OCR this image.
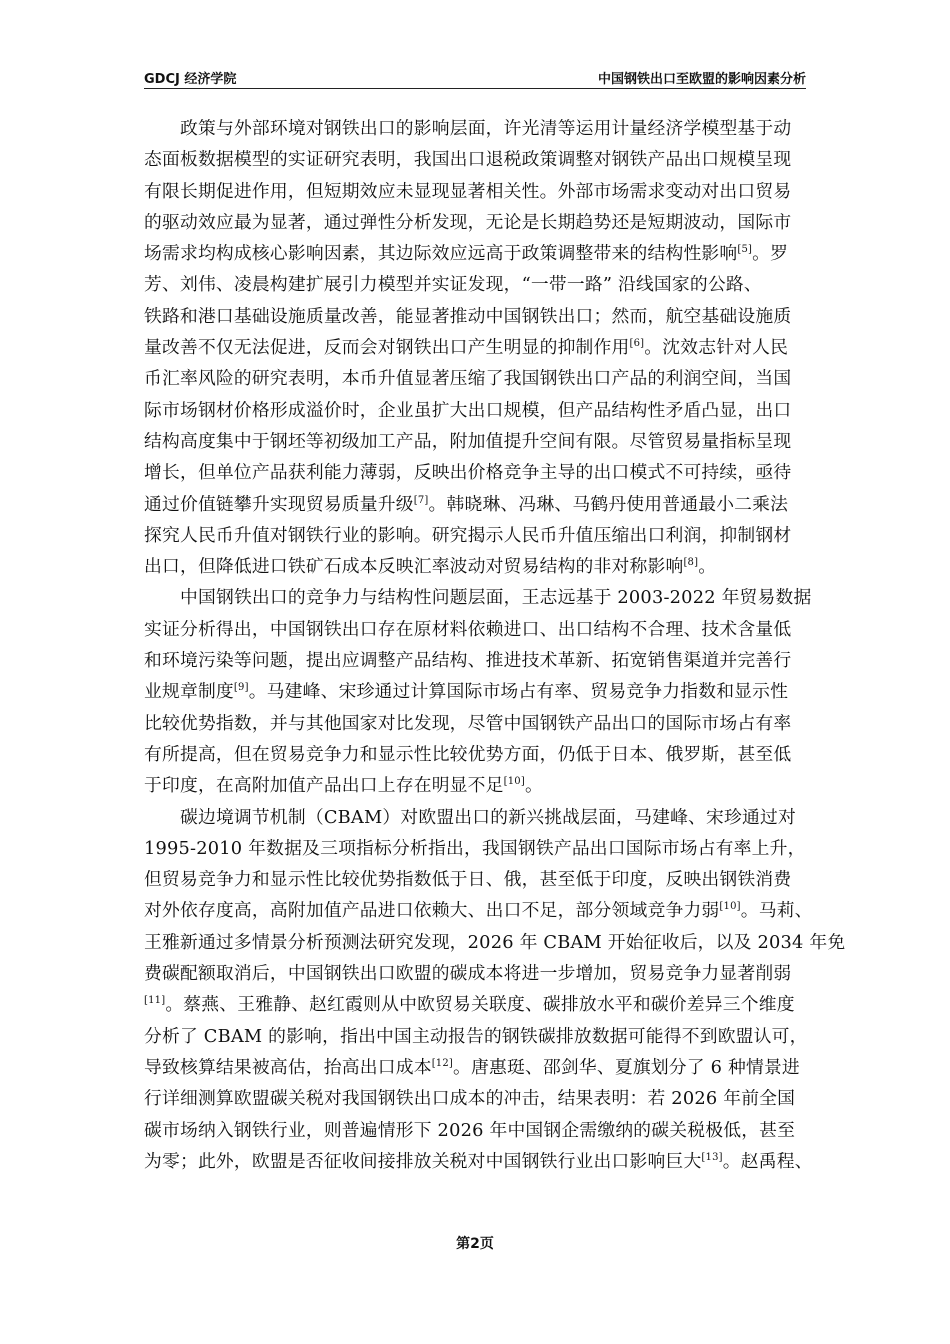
GDCJ 经济学院	中国钢铁出口至欧盟的影响因素分析
政策与外部环境对钢铁出口的影响层面，许光清等运用计量经济学模型基于动
态面板数据模型的实证研究表明，我国出口退税政策调整对钢铁产品出口规模呈现
有限长期促进作用，但短期效应未显现显著相关性。外部市场需求变动对出口贸易
的驱动效应最为显著，通过弹性分析发现，无论是长期趋势还是短期波动，国际市
场需求均构成核心影响因素，其边际效应远高于政策调整带来的结构性影响[5]。罗
芳、刘伟、凌晨构建扩展引力模型并实证发现，“一带一路” 沿线国家的公路、
铁路和港口基础设施质量改善，能显著推动中国钢铁出口；然而，航空基础设施质
量改善不仅无法促进，反而会对钢铁出口产生明显的抑制作用[6]。沈效志针对人民
币汇率风险的研究表明，本币升值显著压缩了我国钢铁出口产品的利润空间，当国
际市场钢材价格形成溢价时，企业虽扩大出口规模，但产品结构性矛盾凸显，出口
结构高度集中于钢坯等初级加工产品，附加值提升空间有限。尽管贸易量指标呈现
增长，但单位产品获利能力薄弱，反映出价格竞争主导的出口模式不可持续，亟待
通过价值链攀升实现贸易质量升级[7]。韩晓琳、冯琳、马鹤丹使用普通最小二乘法
探究人民币升值对钢铁行业的影响。研究揭示人民币升值压缩出口利润，抑制钢材
出口，但降低进口铁矿石成本反映汇率波动对贸易结构的非对称影响[8]。
中国钢铁出口的竞争力与结构性问题层面，王志远基于 2003-2022 年贸易数据
实证分析得出，中国钢铁出口存在原材料依赖进口、出口结构不合理、技术含量低
和环境污染等问题，提出应调整产品结构、推进技术革新、拓宽销售渠道并完善行
业规章制度[9]。马建峰、宋珍通过计算国际市场占有率、贸易竞争力指数和显示性
比较优势指数，并与其他国家对比发现，尽管中国钢铁产品出口的国际市场占有率
有所提高，但在贸易竞争力和显示性比较优势方面，仍低于日本、俄罗斯，甚至低
于印度，在高附加值产品出口上存在明显不足[10]。
碳边境调节机制（CBAM）对欧盟出口的新兴挑战层面，马建峰、宋珍通过对
1995-2010 年数据及三项指标分析指出，我国钢铁产品出口国际市场占有率上升，
但贸易竞争力和显示性比较优势指数低于日、俄，甚至低于印度，反映出钢铁消费
对外依存度高，高附加值产品进口依赖大、出口不足，部分领域竞争力弱[10]。马莉、
王雅新通过多情景分析预测法研究发现，2026 年 CBAM 开始征收后，以及 2034 年免
费碳配额取消后，中国钢铁出口欧盟的碳成本将进一步增加，贸易竞争力显著削弱
[11]。蔡燕、王雅静、赵红霞则从中欧贸易关联度、碳排放水平和碳价差异三个维度
分析了 CBAM 的影响，指出中国主动报告的钢铁碳排放数据可能得不到欧盟认可，
导致核算结果被高估，抬高出口成本[12]。唐惠珽、邵剑华、夏旗划分了 6 种情景进
行详细测算欧盟碳关税对我国钢铁出口成本的冲击，结果表明：若 2026 年前全国
碳市场纳入钢铁行业，则普遍情形下 2026 年中国钢企需缴纳的碳关税极低，甚至
为零；此外，欧盟是否征收间接排放关税对中国钢铁行业出口影响巨大[13]。赵禹程、
第2页
